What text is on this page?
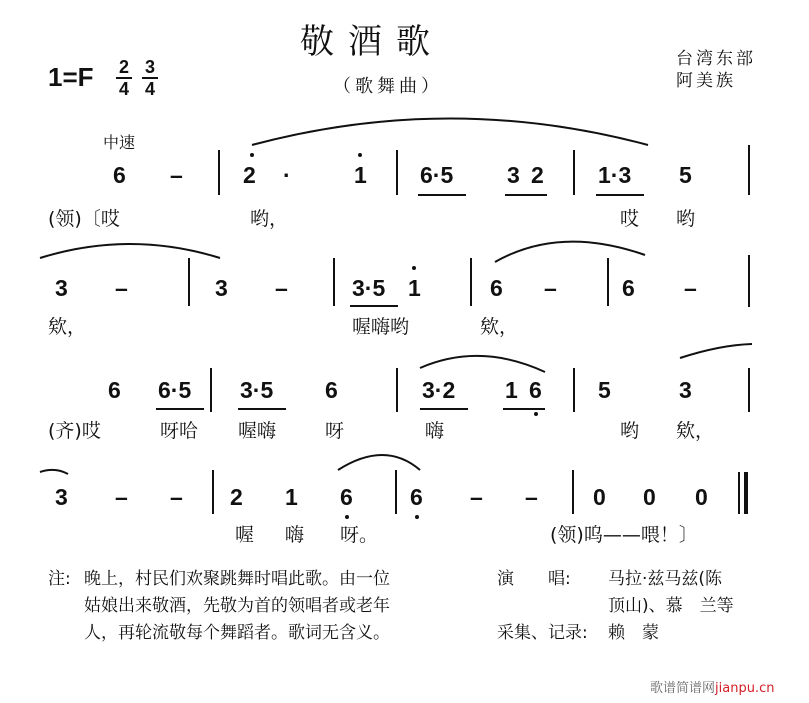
敬酒歌
（歌舞曲）
1=F 2
4
3
4
台湾东部
阿美族
中速
6 –	2 ·	1 6·5 3 2 1·3 5
(领)〔哎	哟，	哎 哟
3 –	3 –	3·5 1	6 –	6 –
欸，	喔嗨哟	欸，
6 6·5 3·5 6	3·2 1 6 5	3
(齐)哎	呀哈 喔嗨	呀	嗨	哟 欸，
3 – – 2 1 6 6 – – 0 0 0
喔 嗨 呀。	(领)呜——喂！〕
注: 晚上，村民们欢聚跳舞时唱此歌。由一位
姑娘出来敬酒，先敬为首的领唱者或老年
人，再轮流敬每个舞蹈者。歌词无含义。
演　　唱: 马拉·兹马兹(陈
顶山)、慕　兰等
采集、记录: 赖　蒙
歌谱简谱网jianpu.cn
